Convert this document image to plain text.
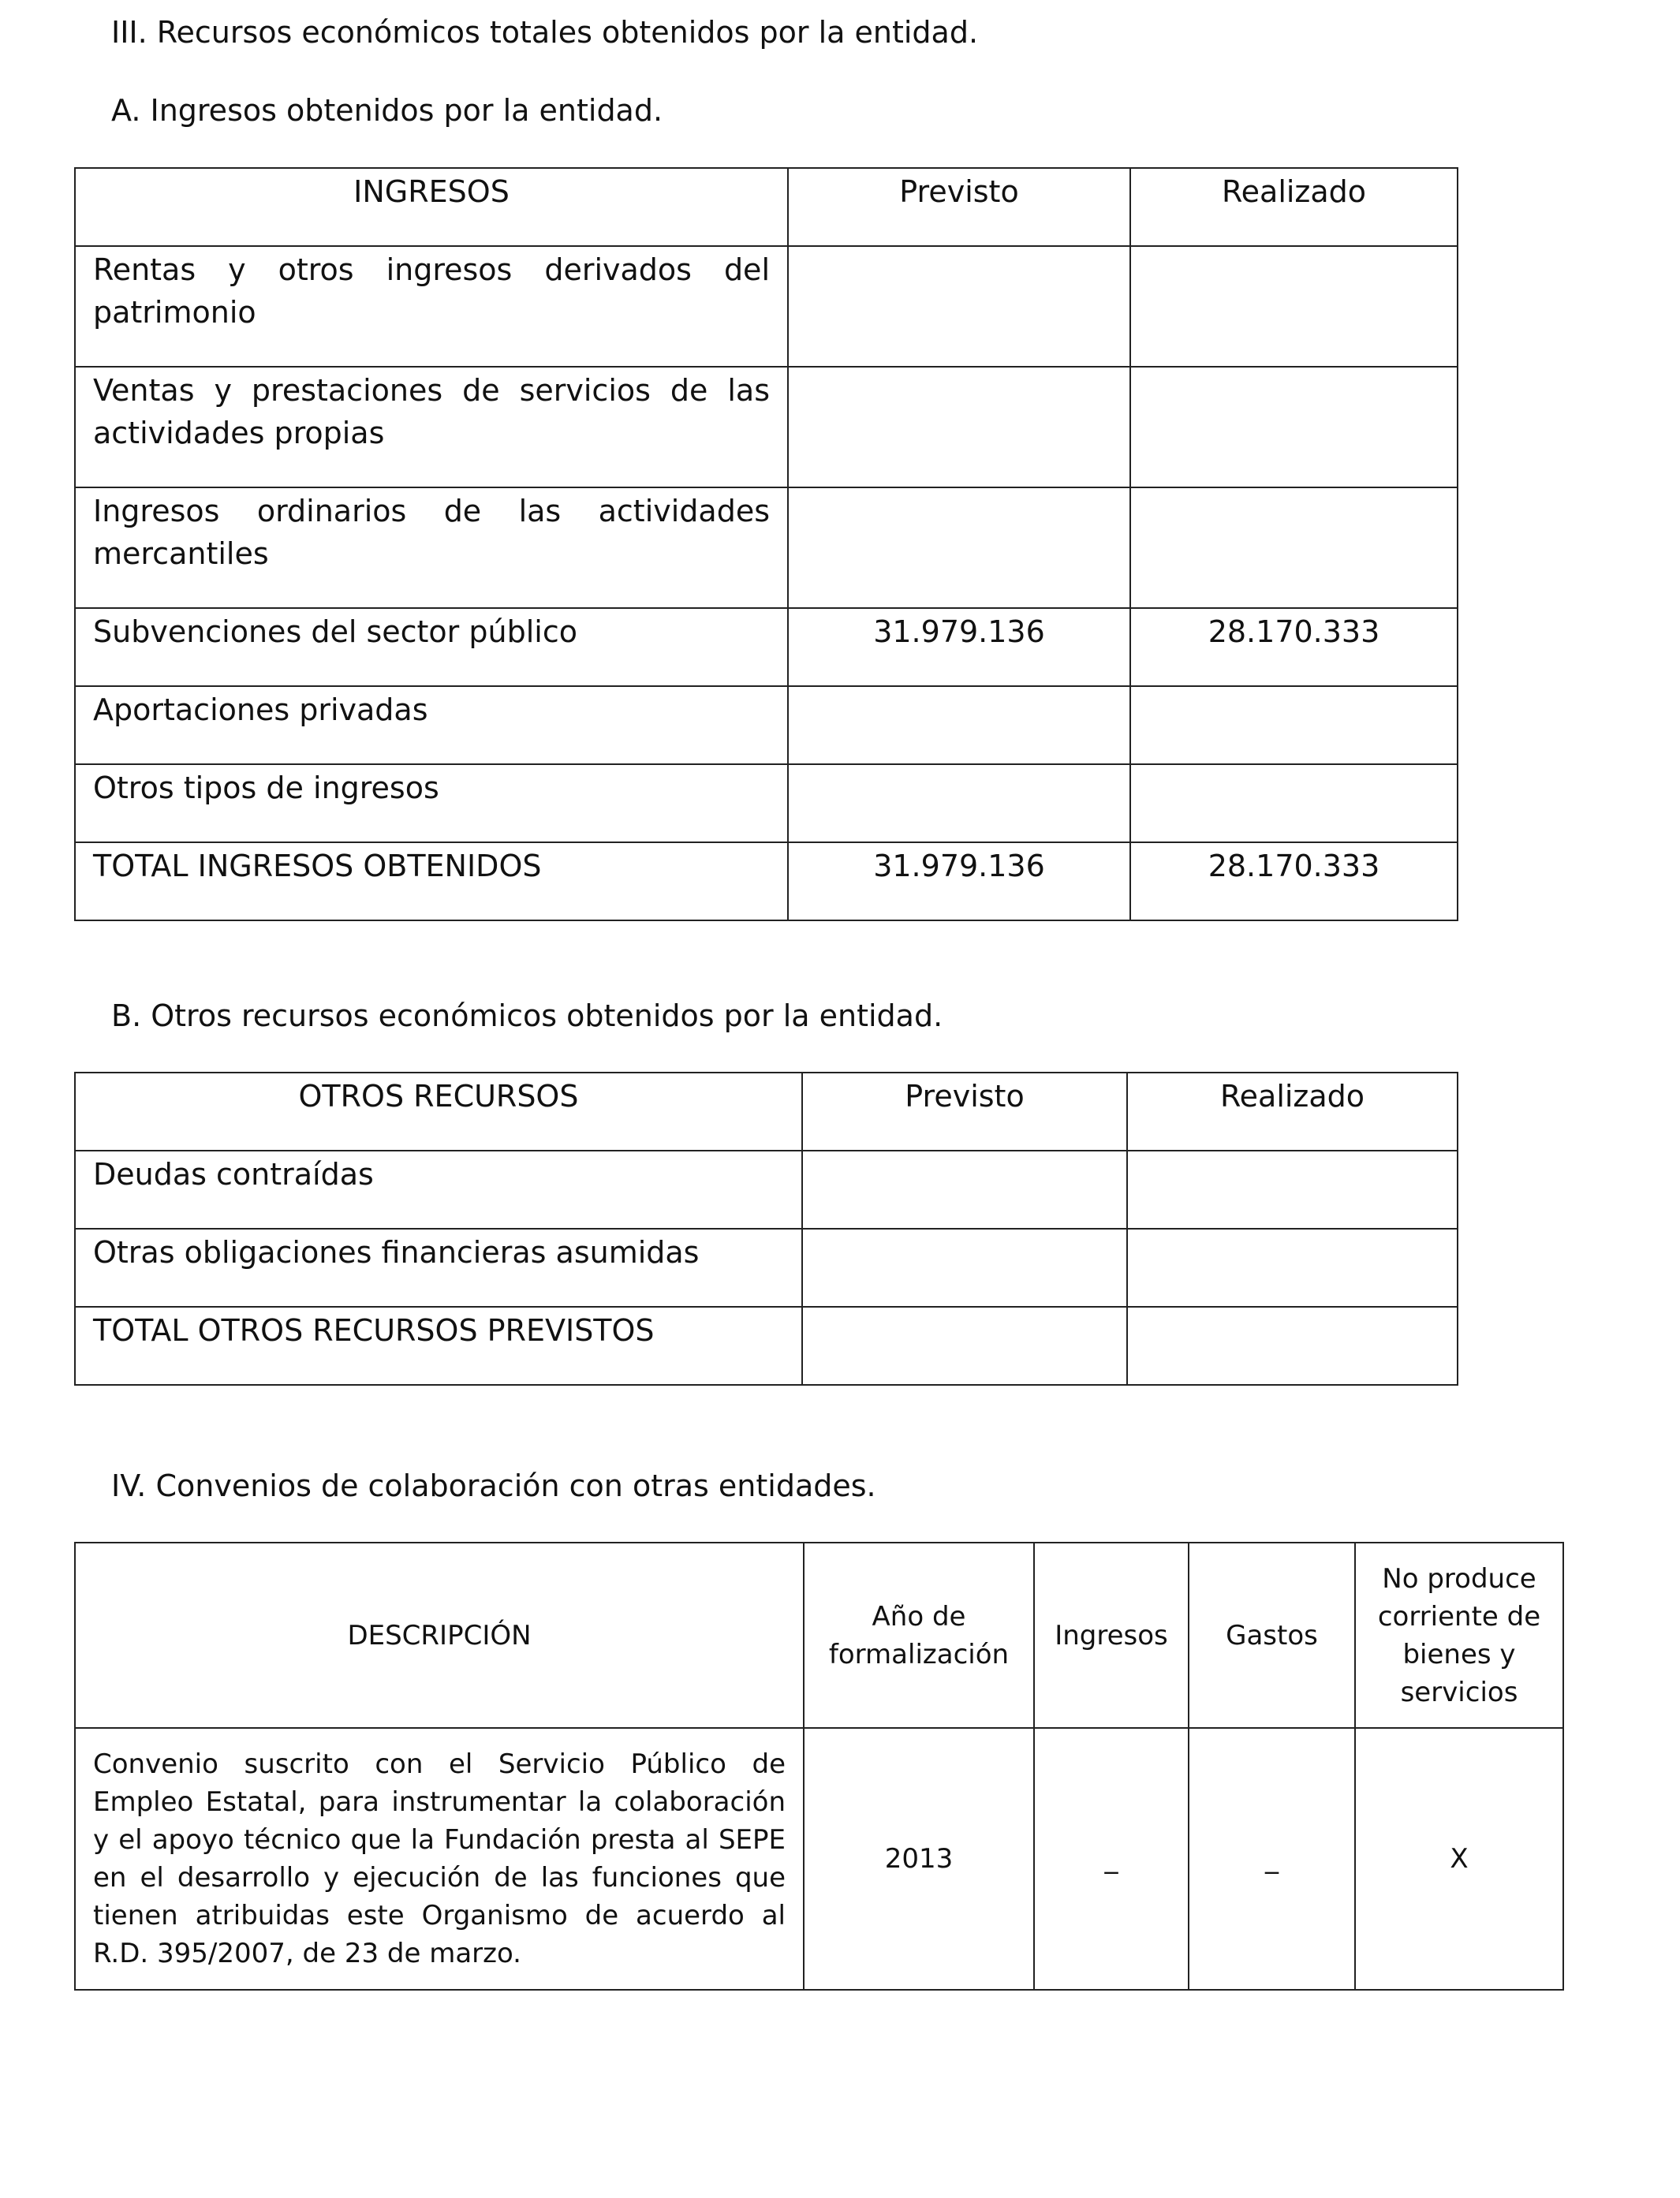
III. Recursos económicos totales obtenidos por la entidad.
A. Ingresos obtenidos por la entidad.
INGRESOS	Previsto	Realizado
Rentas y otros ingresos derivados del patrimonio		
Ventas y prestaciones de servicios de las actividades propias		
Ingresos ordinarios de las actividades mercantiles		
Subvenciones del sector público	31.979.136	28.170.333
Aportaciones privadas		
Otros tipos de ingresos		
TOTAL INGRESOS OBTENIDOS	31.979.136	28.170.333
B. Otros recursos económicos obtenidos por la entidad.
OTROS RECURSOS	Previsto	Realizado
Deudas contraídas		
Otras obligaciones financieras asumidas		
TOTAL OTROS RECURSOS PREVISTOS		
IV. Convenios de colaboración con otras entidades.
DESCRIPCIÓN	Año de formalización	Ingresos	Gastos	No produce corriente de bienes y servicios
Convenio suscrito con el Servicio Público de Empleo Estatal, para instrumentar la colaboración y el apoyo técnico que la Fundación presta al SEPE en el desarrollo y ejecución de las funciones que tienen atribuidas este Organismo de acuerdo al R.D. 395/2007, de 23 de marzo.	2013	_	_	X
